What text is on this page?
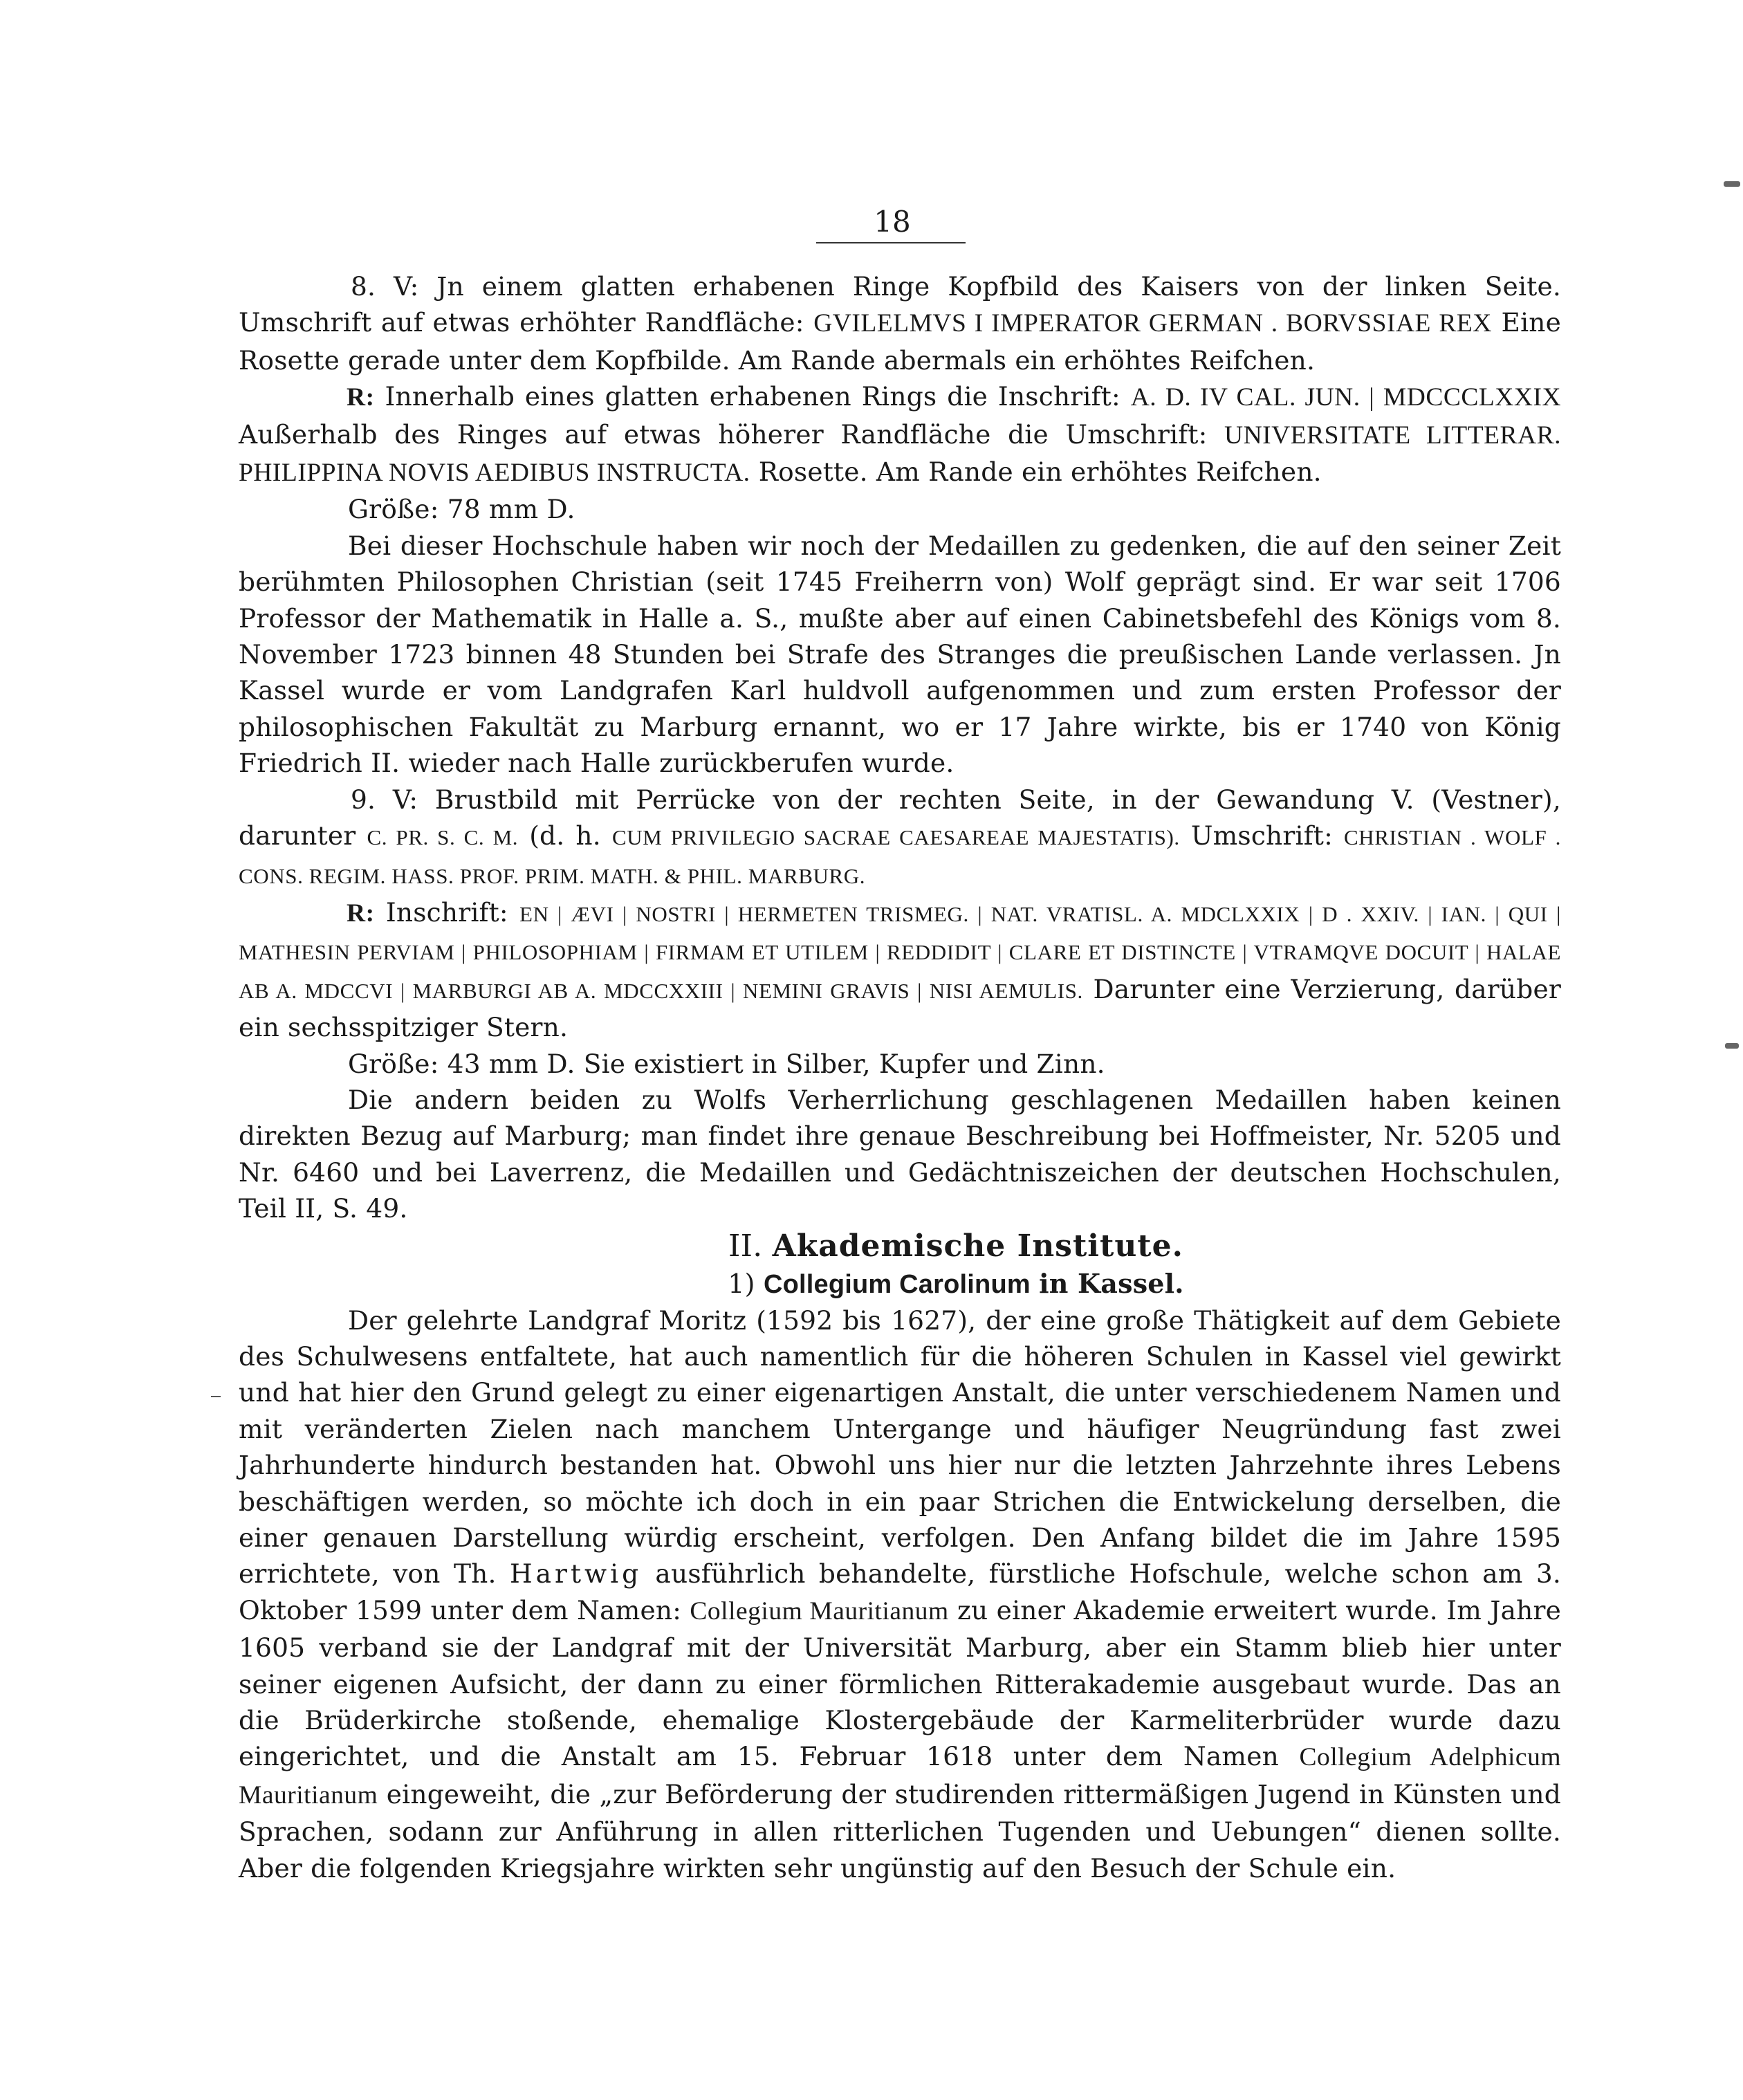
18

8. V: Jn einem glatten erhabenen Ringe Kopfbild des Kaisers von der linken Seite. Umschrift auf etwas erhöhter Randfläche: GVILELMVS I IMPERATOR GERMAN . BORVSSIAE REX Eine Rosette gerade unter dem Kopfbilde. Am Rande abermals ein erhöhtes Reifchen.

R: Innerhalb eines glatten erhabenen Rings die Inschrift: A. D. IV CAL. JUN. | MDCCCLXXIX Außerhalb des Ringes auf etwas höherer Randfläche die Umschrift: UNIVERSITATE LITTERAR. PHILIPPINA NOVIS AEDIBUS INSTRUCTA. Rosette. Am Rande ein erhöhtes Reifchen.

Größe: 78 mm D.

Bei dieser Hochschule haben wir noch der Medaillen zu gedenken, die auf den seiner Zeit berühmten Philosophen Christian (seit 1745 Freiherrn von) Wolf geprägt sind. Er war seit 1706 Professor der Mathematik in Halle a. S., mußte aber auf einen Cabinetsbefehl des Königs vom 8. November 1723 binnen 48 Stunden bei Strafe des Stranges die preußischen Lande verlassen. Jn Kassel wurde er vom Landgrafen Karl huldvoll aufgenommen und zum ersten Professor der philosophischen Fakultät zu Marburg ernannt, wo er 17 Jahre wirkte, bis er 1740 von König Friedrich II. wieder nach Halle zurückberufen wurde.

9. V: Brustbild mit Perrücke von der rechten Seite, in der Gewandung V. (Vestner), darunter C. PR. S. C. M. (d. h. CUM PRIVILEGIO SACRAE CAESAREAE MAJESTATIS). Umschrift: CHRISTIAN . WOLF . CONS. REGIM. HASS. PROF. PRIM. MATH. & PHIL. MARBURG.

R: Inschrift: EN | ÆVI | NOSTRI | HERMETEN TRISMEG. | NAT. VRATISL. A. MDCLXXIX | D . XXIV. | IAN. | QUI | MATHESIN PERVIAM | PHILOSOPHIAM | FIRMAM ET UTILEM | REDDIDIT | CLARE ET DISTINCTE | VTRAMQVE DOCUIT | HALAE AB A. MDCCVI | MARBURGI AB A. MDCCXXIII | NEMINI GRAVIS | NISI AEMULIS. Darunter eine Verzierung, darüber ein sechsspitziger Stern.

Größe: 43 mm D. Sie existiert in Silber, Kupfer und Zinn.

Die andern beiden zu Wolfs Verherrlichung geschlagenen Medaillen haben keinen direkten Bezug auf Marburg; man findet ihre genaue Beschreibung bei Hoffmeister, Nr. 5205 und Nr. 6460 und bei Laverrenz, die Medaillen und Gedächtniszeichen der deutschen Hochschulen, Teil II, S. 49.

II. Akademische Institute.

1) Collegium Carolinum in Kassel.

Der gelehrte Landgraf Moritz (1592 bis 1627), der eine große Thätigkeit auf dem Gebiete des Schulwesens entfaltete, hat auch namentlich für die höheren Schulen in Kassel viel gewirkt und hat hier den Grund gelegt zu einer eigenartigen Anstalt, die unter verschiedenem Namen und mit veränderten Zielen nach manchem Untergange und häufiger Neugründung fast zwei Jahrhunderte hindurch bestanden hat. Obwohl uns hier nur die letzten Jahrzehnte ihres Lebens beschäftigen werden, so möchte ich doch in ein paar Strichen die Entwickelung derselben, die einer genauen Darstellung würdig erscheint, verfolgen. Den Anfang bildet die im Jahre 1595 errichtete, von Th. Hartwig ausführlich behandelte, fürstliche Hofschule, welche schon am 3. Oktober 1599 unter dem Namen: Collegium Mauritianum zu einer Akademie erweitert wurde. Im Jahre 1605 verband sie der Landgraf mit der Universität Marburg, aber ein Stamm blieb hier unter seiner eigenen Aufsicht, der dann zu einer förmlichen Ritterakademie ausgebaut wurde. Das an die Brüderkirche stoßende, ehemalige Klostergebäude der Karmeliterbrüder wurde dazu eingerichtet, und die Anstalt am 15. Februar 1618 unter dem Namen Collegium Adelphicum Mauritianum eingeweiht, die „zur Beförderung der studirenden rittermäßigen Jugend in Künsten und Sprachen, sodann zur Anführung in allen ritterlichen Tugenden und Uebungen“ dienen sollte. Aber die folgenden Kriegsjahre wirkten sehr ungünstig auf den Besuch der Schule ein.
